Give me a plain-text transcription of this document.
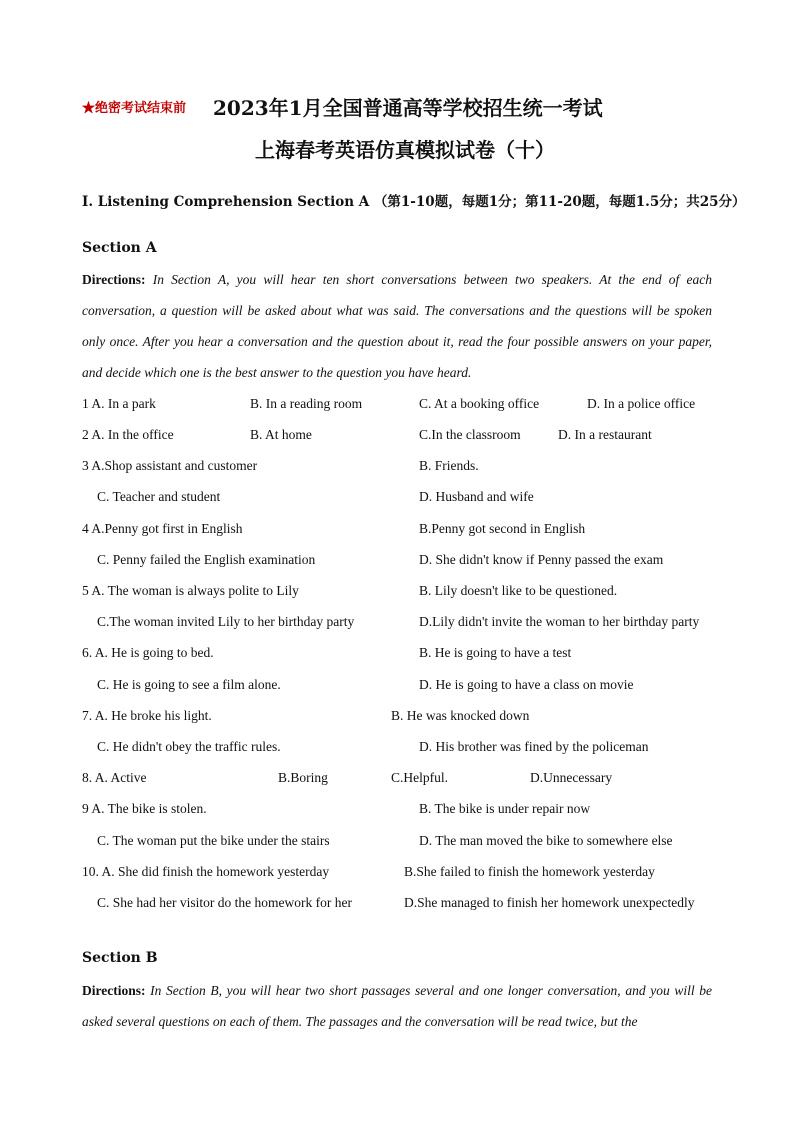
★绝密考试结束前 2023年1月全国普通高等学校招生统一考试
上海春考英语仿真模拟试卷（十）
I. Listening Comprehension Section A （第1-10题，每题1分；第11-20题，每题1.5分；共25分）
Section A
Directions: In Section A, you will hear ten short conversations between two speakers. At the end of each conversation, a question will be asked about what was said. The conversations and the questions will be spoken only once. After you hear a conversation and the question about it, read the four possible answers on your paper, and decide which one is the best answer to the question you have heard.
1 A. In a park	B. In a reading room	C. At a booking office	D. In a police office
2 A. In the office	B. At home	C.In the classroom	D. In a restaurant
3 A.Shop assistant and customer	B. Friends.
C. Teacher and student	D. Husband and wife
4 A.Penny got first in English	B.Penny got second in English
C. Penny failed the English examination	D. She didn't know if Penny passed the exam
5 A. The woman is always polite to Lily	B. Lily doesn't like to be questioned.
C.The woman invited Lily to her birthday party	D.Lily didn't invite the woman to her birthday party
6. A. He is going to bed.	B. He is going to have a test
C. He is going to see a film alone.	D. He is going to have a class on movie
7. A. He broke his light.	B. He was knocked down
C. He didn't obey the traffic rules.	D. His brother was fined by the policeman
8. A. Active	B.Boring	C.Helpful.	D.Unnecessary
9 A. The bike is stolen.	B. The bike is under repair now
C. The woman put the bike under the stairs	D. The man moved the bike to somewhere else
10. A. She did finish the homework yesterday	B.She failed to finish the homework yesterday
C. She had her visitor do the homework for her	D.She managed to finish her homework unexpectedly
Section B
Directions: In Section B, you will hear two short passages several and one longer conversation, and you will be asked several questions on each of them. The passages and the conversation will be read twice, but the
